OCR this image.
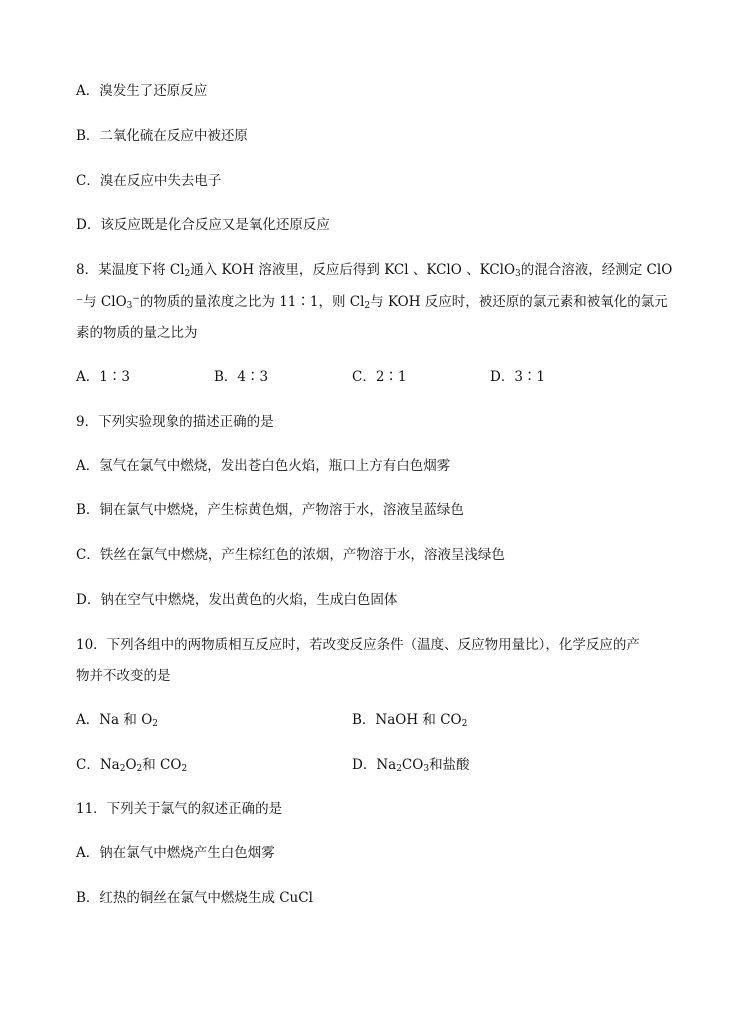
A．溴发生了还原反应
B．二氧化硫在反应中被还原
C．溴在反应中失去电子
D．该反应既是化合反应又是氧化还原反应
8．某温度下将 $Cl_2$通入 KOH 溶液里，反应后得到 KCl 、KClO 、KClO$_3$的混合溶液，经测定 ClO
⁻与 ClO$_3$−的物质的量浓度之比为 11∶1，则 $Cl_2$与 KOH 反应时，被还原的氯元素和被氧化的氯元
素的物质的量之比为
A．1∶3	B．4∶3	C．2∶1	D．3∶1
9．下列实验现象的描述正确的是
A．氢气在氯气中燃烧，发出苍白色火焰，瓶口上方有白色烟雾
B．铜在氯气中燃烧，产生棕黄色烟，产物溶于水，溶液呈蓝绿色
C．铁丝在氯气中燃烧，产生棕红色的浓烟，产物溶于水，溶液呈浅绿色
D．钠在空气中燃烧，发出黄色的火焰，生成白色固体
10．下列各组中的两物质相互反应时，若改变反应条件（温度、反应物用量比），化学反应的产
物并不改变的是
A．Na 和 $O_2$	B．NaOH 和 $CO_2$
C．$Na_2O_2$和 $CO_2$	D．$Na_2CO_3$和盐酸
11．下列关于氯气的叙述正确的是
A．钠在氯气中燃烧产生白色烟雾
B．红热的铜丝在氯气中燃烧生成 CuCl
